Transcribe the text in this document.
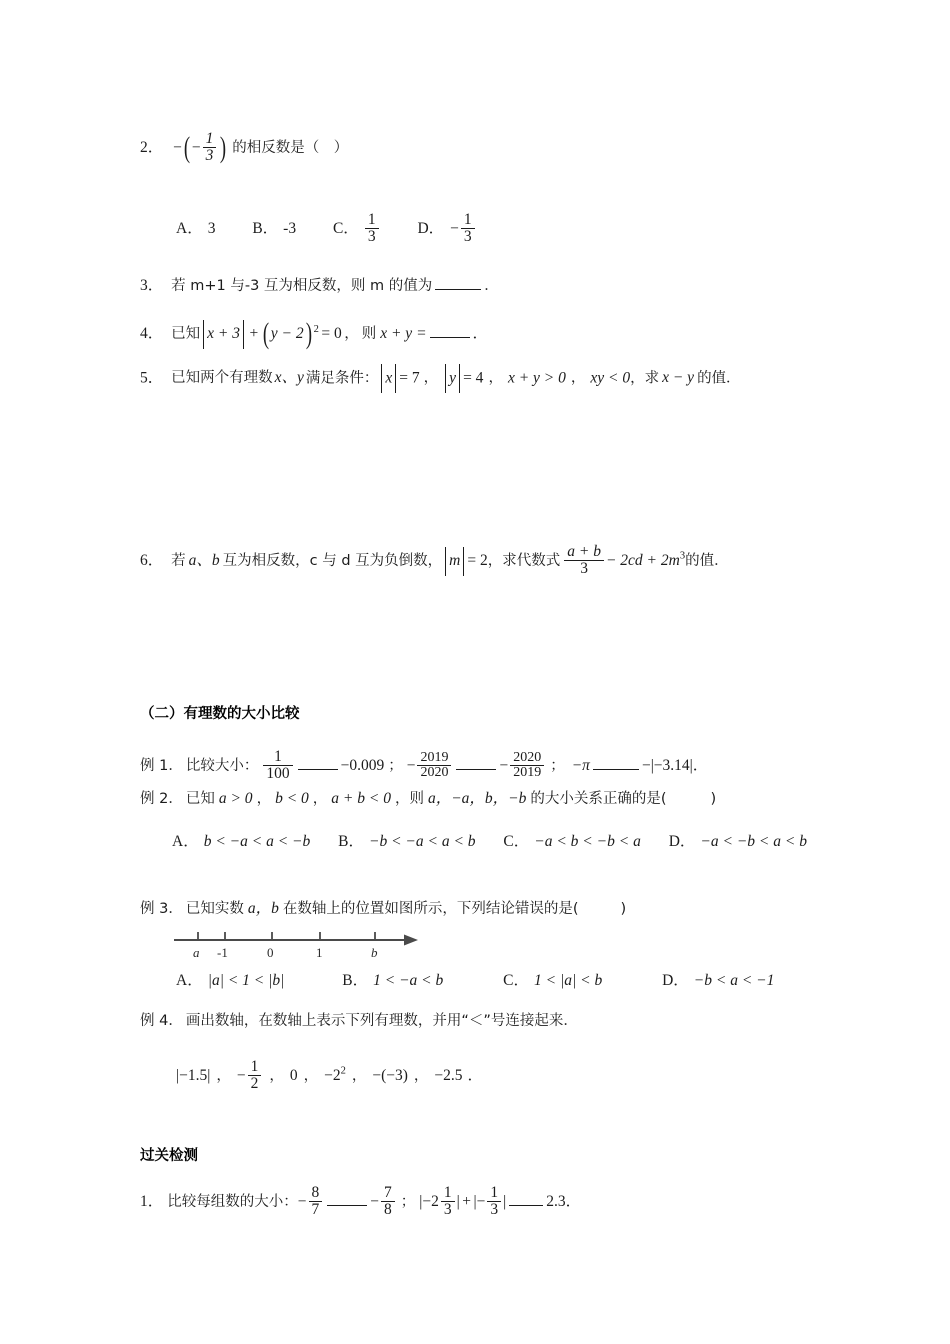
2． −( − $\frac{1}{3}$ ) 的相反数是（　）
A． 3 B． -3 C． $\frac{1}{3}$	D． − $\frac{1}{3}$
3． 若 m+1 与-3 互为相反数，则 m 的值为	．
4． 已知 x + 3 + ( y − 2) $^2$ = 0 ， 则 x + y =	．
5． 已知两个有理数 x、y 满足条件： x = 7 ， y = 4 ， x + y > 0 ， xy < 0，求 x − y 的值．
6． 若 a、b 互为相反数，c 与 d 互为负倒数， m = 2，求代数式 $\frac{a + b}{3} - 2cd + 2m^3$的值．
（二）有理数的大小比较
例 1． 比较大小： $\frac{1}{100}$	−0.009 ； − $\frac{2019}{2020}$	− $\frac{2020}{2019}$ ； −π	−|−3.14|．
例 2． 已知 a > 0 ， b < 0 ， a + b < 0 ，则 a，−a，b，−b 的大小关系正确的是(	)
A． b < −a < a < −b B． −b < −a < a < b C． −a < b < −b < a D． −a < −b < a < b
例 3． 已知实数 a，b 在数轴上的位置如图所示，下列结论错误的是(	)
a -1	0	1	b
A． |a| < 1 < |b|	B． 1 < −a < b	C． 1 < |a| < b	D． −b < a < −1
例 4． 画出数轴，在数轴上表示下列有理数，并用“＜”号连接起来．
|−1.5| ， − $\frac{1}{2}$ ， 0 ， $-2^2$ ， −(−3) ， −2.5 ．
过关检测
1． 比较每组数的大小：− $\frac{8}{7}$	− $\frac{7}{8}$ ； $|-2 \frac{1}{3}$ | + |− $\frac{1}{3}$ |	2.3．
